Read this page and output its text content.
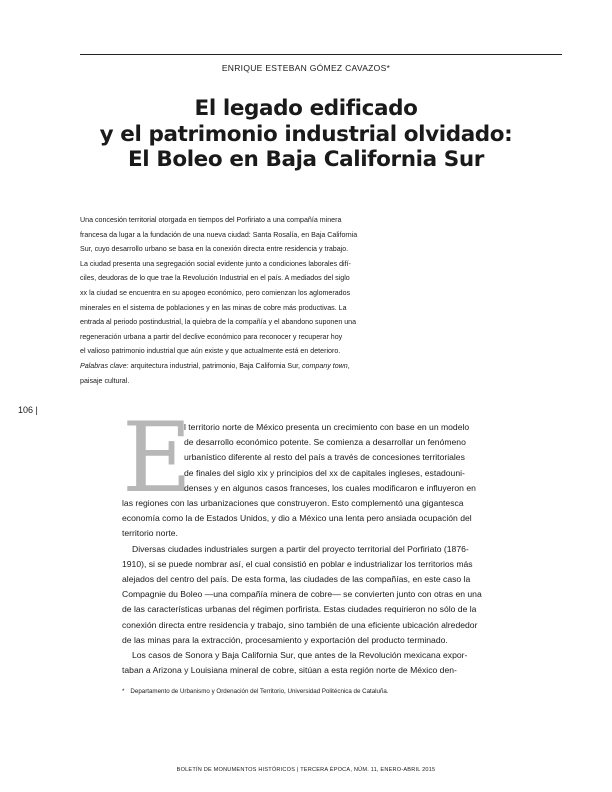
ENRIQUE ESTEBAN GÓMEZ CAVAZOS*
El legado edificado
y el patrimonio industrial olvidado:
El Boleo en Baja California Sur
Una concesión territorial otorgada en tiempos del Porfiriato a una compañía minera
francesa da lugar a la fundación de una nueva ciudad: Santa Rosalía, en Baja California
Sur, cuyo desarrollo urbano se basa en la conexión directa entre residencia y trabajo.
La ciudad presenta una segregación social evidente junto a condiciones laborales difí-
ciles, deudoras de lo que trae la Revolución Industrial en el país. A mediados del siglo
xx la ciudad se encuentra en su apogeo económico, pero comienzan los aglomerados
minerales en el sistema de poblaciones y en las minas de cobre más productivas. La
entrada al periodo postindustrial, la quiebra de la compañía y el abandono suponen una
regeneración urbana a partir del declive económico para reconocer y recuperar hoy
el valioso patrimonio industrial que aún existe y que actualmente está en deterioro.
Palabras clave: arquitectura industrial, patrimonio, Baja California Sur, company town,
paisaje cultural.
106 | E
l territorio norte de México presenta un crecimiento con base en un modelo
de desarrollo económico potente. Se comienza a desarrollar un fenómeno
urbanístico diferente al resto del país a través de concesiones territoriales
de finales del siglo xix y principios del xx de capitales ingleses, estadouni-
denses y en algunos casos franceses, los cuales modificaron e influyeron en
las regiones con las urbanizaciones que construyeron. Esto complementó una gigantesca
economía como la de Estados Unidos, y dio a México una lenta pero ansiada ocupación del
territorio norte.
Diversas ciudades industriales surgen a partir del proyecto territorial del Porfiriato (1876-
1910), si se puede nombrar así, el cual consistió en poblar e industrializar los territorios más
alejados del centro del país. De esta forma, las ciudades de las compañías, en este caso la
Compagnie du Boleo —una compañía minera de cobre— se convierten junto con otras en una
de las características urbanas del régimen porfirista. Estas ciudades requirieron no sólo de la
conexión directa entre residencia y trabajo, sino también de una eficiente ubicación alrededor
de las minas para la extracción, procesamiento y exportación del producto terminado.
Los casos de Sonora y Baja California Sur, que antes de la Revolución mexicana expor-
taban a Arizona y Louisiana mineral de cobre, sitúan a esta región norte de México den-
* Departamento de Urbanismo y Ordenación del Territorio, Universidad Politécnica de Cataluña.
BOLETÍN DE MONUMENTOS HISTÓRICOS | TERCERA ÉPOCA, NÚM. 11, ENERO-ABRIL 2015
